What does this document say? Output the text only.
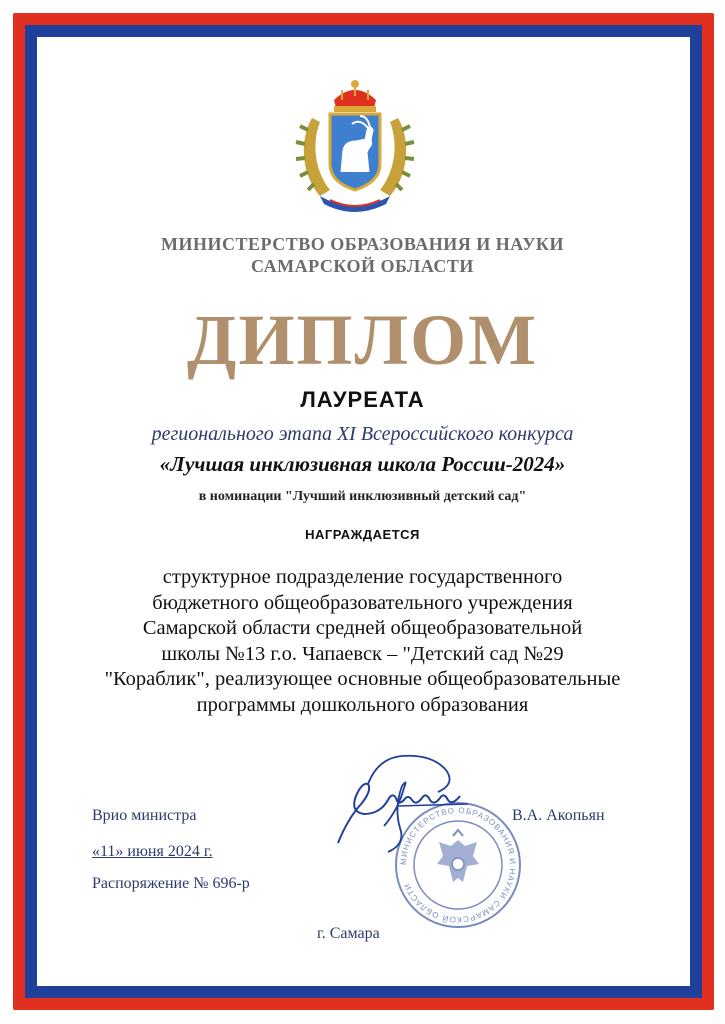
МИНИСТЕРСТВО ОБРАЗОВАНИЯ И НАУКИ
САМАРСКОЙ ОБЛАСТИ
ДИПЛОМ
ЛАУРЕАТА
регионального этапа XI Всероссийского конкурса
«Лучшая инклюзивная школа России-2024»
в номинации "Лучший инклюзивный детский сад"
НАГРАЖДАЕТСЯ
структурное подразделение государственного
бюджетного общеобразовательного учреждения
Самарской области средней общеобразовательной
школы №13 г.о. Чапаевск – "Детский сад №29
"Кораблик", реализующее основные общеобразовательные
программы дошкольного образования
Врио министра
«11» июня 2024 г.
Распоряжение № 696-р
В.А. Акопьян
МИНИСТЕРСТВО ОБРАЗОВАНИЯ И НАУКИ САМАРСКОЙ ОБЛАСТИ
г. Самара
